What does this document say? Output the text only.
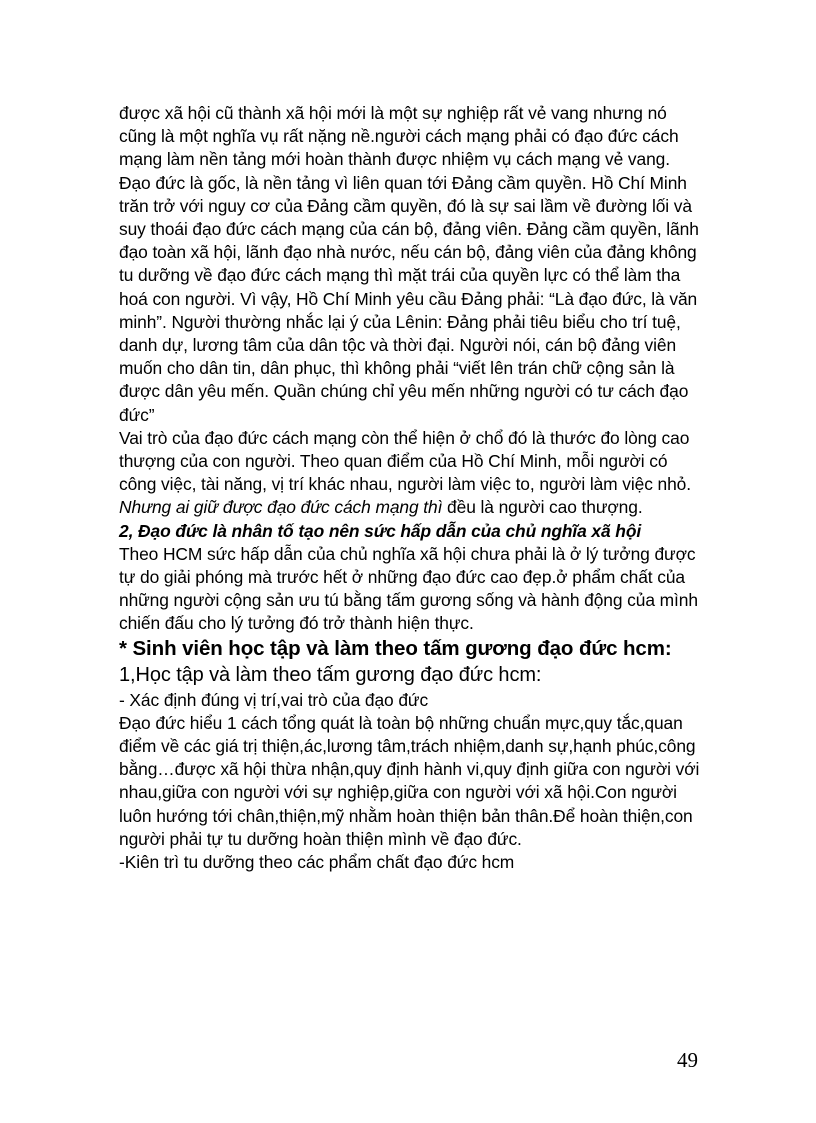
được xã hội cũ thành xã hội mới là một sự nghiệp rất vẻ vang nhưng nó cũng là một nghĩa vụ rất nặng nề.người cách mạng phải có đạo đức cách mạng làm nền tảng mới hoàn thành được nhiệm vụ cách mạng vẻ vang.

Đạo đức là gốc, là nền tảng vì liên quan tới Đảng cầm quyền. Hồ Chí Minh trăn trở với nguy cơ của Đảng cầm quyền, đó là sự sai lầm về đường lối và suy thoái đạo đức cách mạng của cán bộ, đảng viên. Đảng cầm quyền, lãnh đạo toàn xã hội, lãnh đạo nhà nước, nếu cán bộ, đảng viên của đảng không tu dưỡng về đạo đức cách mạng thì mặt trái của quyền lực có thể làm tha hoá con người. Vì vậy, Hồ Chí Minh yêu cầu Đảng phải: “Là đạo đức, là văn minh”. Người thường nhắc lại ý của Lênin: Đảng phải tiêu biểu cho trí tuệ, danh dự, lương tâm của dân tộc và thời đại. Người nói, cán bộ đảng viên muốn cho dân tin, dân phục, thì không phải “viết lên trán chữ cộng sản là được dân yêu mến. Quần chúng chỉ yêu mến những người có tư cách đạo đức”

Vai trò của đạo đức cách mạng còn thể hiện ở chổ đó là thước đo lòng cao thượng của con người. Theo quan điểm của Hồ Chí Minh, mỗi người có công việc, tài năng, vị trí khác nhau, người làm việc to, người làm việc nhỏ. Nhưng ai giữ được đạo đức cách mạng thì đều là người cao thượng.

2, Đạo đức là nhân tố tạo nên sức hấp dẫn của chủ nghĩa xã hội

Theo HCM sức hấp dẫn của chủ nghĩa xã hội chưa phải là ở lý tưởng được tự do giải phóng mà trước hết ở những đạo đức cao đẹp.ở phẩm chất của những người cộng sản ưu tú bằng tấm gương sống và hành động của mình chiến đấu cho lý tưởng đó trở thành hiện thực.

* Sinh viên học tập và làm theo tấm gương đạo đức hcm:

1,Học tập và làm theo tấm gương đạo đức hcm:

- Xác định đúng vị trí,vai trò của đạo đức

Đạo đức hiểu 1 cách tổng quát là toàn bộ những chuẩn mực,quy tắc,quan điểm về các giá trị thiện,ác,lương tâm,trách nhiệm,danh sự,hạnh phúc,công bằng…được xã hội thừa nhận,quy định hành vi,quy định giữa con người với nhau,giữa con người với sự nghiệp,giữa con người với xã hội.Con người luôn hướng tới chân,thiện,mỹ nhằm hoàn thiện bản thân.Để hoàn thiện,con người phải tự tu dưỡng hoàn thiện mình về đạo đức.

-Kiên trì tu dưỡng theo các phẩm chất đạo đức hcm

49
